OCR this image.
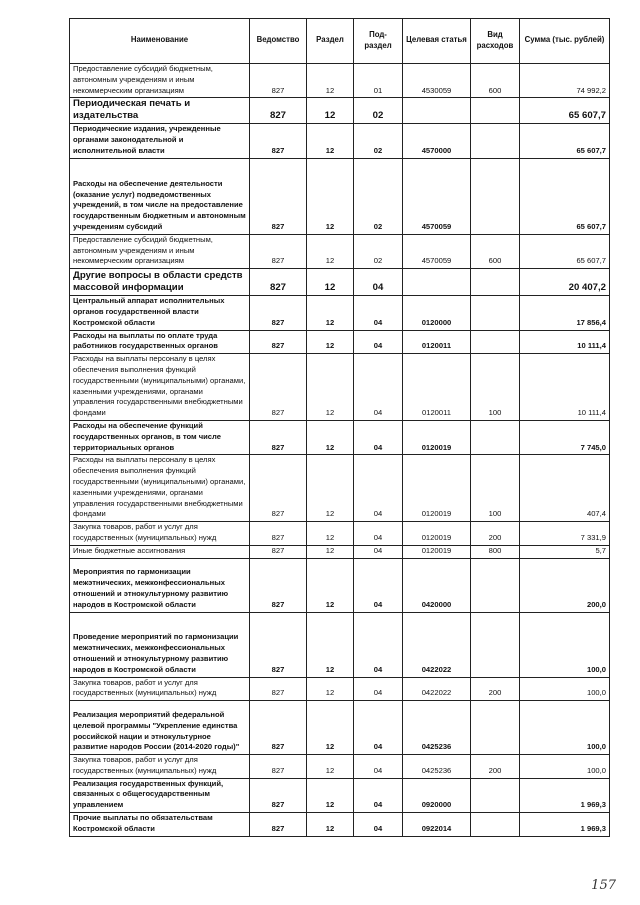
Наименование	Ведомство	Раздел	Под-раздел	Целевая статья	Вид расходов	Сумма (тыс. рублей)
Предоставление субсидий бюджетным, автономным учреждениям и иным некоммерческим организациям	827	12	01	4530059	600	74 992,2
Периодическая печать и издательства	827	12	02			65 607,7
Периодические издания, учрежденные органами законодательной и исполнительной власти	827	12	02	4570000		65 607,7
Расходы на обеспечение деятельности (оказание услуг) подведомственных учреждений, в том числе на предоставление государственным бюджетным и автономным учреждениям субсидий	827	12	02	4570059		65 607,7
Предоставление субсидий бюджетным, автономным учреждениям и иным некоммерческим организациям	827	12	02	4570059	600	65 607,7
Другие вопросы в области средств массовой информации	827	12	04			20 407,2
Центральный аппарат исполнительных органов государственной власти Костромской области	827	12	04	0120000		17 856,4
Расходы на выплаты по оплате труда работников государственных органов	827	12	04	0120011		10 111,4
Расходы на выплаты персоналу в целях обеспечения выполнения функций государственными (муниципальными) органами, казенными учреждениями, органами управления государственными внебюджетными фондами	827	12	04	0120011	100	10 111,4
Расходы на обеспечение функций государственных органов, в том числе территориальных органов	827	12	04	0120019		7 745,0
Расходы на выплаты персоналу в целях обеспечения выполнения функций государственными (муниципальными) органами, казенными учреждениями, органами управления государственными внебюджетными фондами	827	12	04	0120019	100	407,4
Закупка товаров, работ и услуг для государственных (муниципальных) нужд	827	12	04	0120019	200	7 331,9
Иные бюджетные ассигнования	827	12	04	0120019	800	5,7
Мероприятия по гармонизации межэтнических, межконфессиональных отношений и этнокультурному развитию народов в Костромской области	827	12	04	0420000		200,0
Проведение мероприятий по гармонизации межэтнических, межконфессиональных отношений и этнокультурному развитию народов в Костромской области	827	12	04	0422022		100,0
Закупка товаров, работ и услуг для государственных (муниципальных) нужд	827	12	04	0422022	200	100,0
Реализация мероприятий федеральной целевой программы "Укрепление единства российской нации и этнокультурное развитие народов России (2014-2020 годы)"	827	12	04	0425236		100,0
Закупка товаров, работ и услуг для государственных (муниципальных) нужд	827	12	04	0425236	200	100,0
Реализация государственных функций, связанных с общегосударственным управлением	827	12	04	0920000		1 969,3
Прочие выплаты по обязательствам Костромской области	827	12	04	0922014		1 969,3
157
